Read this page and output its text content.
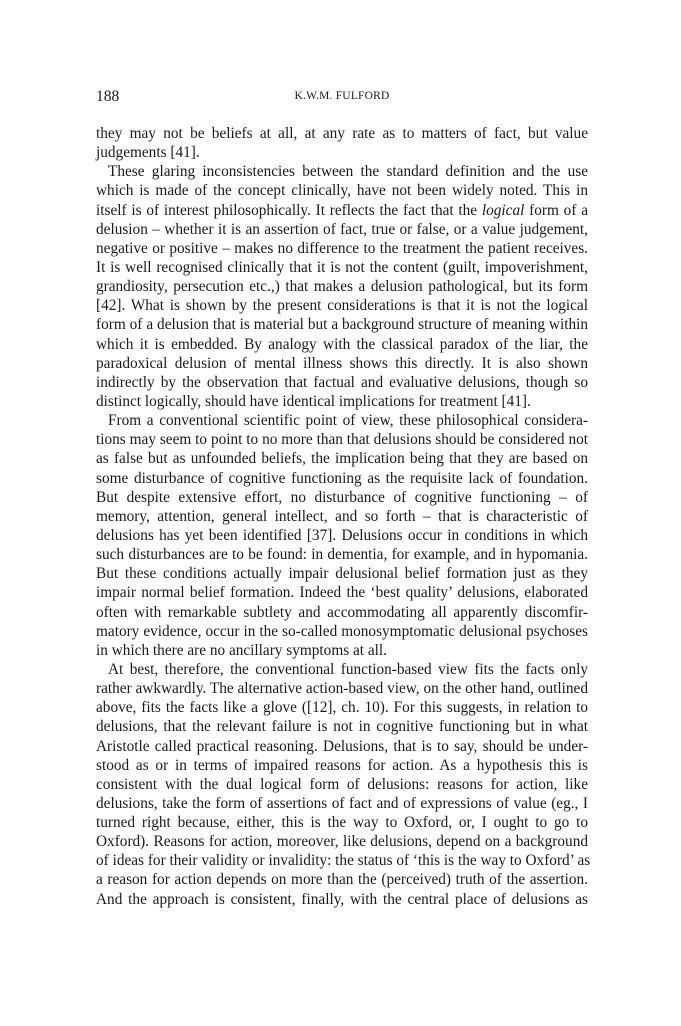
188	K.W.M. FULFORD
they may not be beliefs at all, at any rate as to matters of fact, but value
judgements [41].
These glaring inconsistencies between the standard definition and the use
which is made of the concept clinically, have not been widely noted. This in
itself is of interest philosophically. It reflects the fact that the logical form of a
delusion – whether it is an assertion of fact, true or false, or a value judgement,
negative or positive – makes no difference to the treatment the patient receives.
It is well recognised clinically that it is not the content (guilt, impoverishment,
grandiosity, persecution etc.,) that makes a delusion pathological, but its form
[42]. What is shown by the present considerations is that it is not the logical
form of a delusion that is material but a background structure of meaning within
which it is embedded. By analogy with the classical paradox of the liar, the
paradoxical delusion of mental illness shows this directly. It is also shown
indirectly by the observation that factual and evaluative delusions, though so
distinct logically, should have identical implications for treatment [41].
From a conventional scientific point of view, these philosophical considera-
tions may seem to point to no more than that delusions should be considered not
as false but as unfounded beliefs, the implication being that they are based on
some disturbance of cognitive functioning as the requisite lack of foundation.
But despite extensive effort, no disturbance of cognitive functioning – of
memory, attention, general intellect, and so forth – that is characteristic of
delusions has yet been identified [37]. Delusions occur in conditions in which
such disturbances are to be found: in dementia, for example, and in hypomania.
But these conditions actually impair delusional belief formation just as they
impair normal belief formation. Indeed the ‘best quality’ delusions, elaborated
often with remarkable subtlety and accommodating all apparently discomfir-
matory evidence, occur in the so-called monosymptomatic delusional psychoses
in which there are no ancillary symptoms at all.
At best, therefore, the conventional function-based view fits the facts only
rather awkwardly. The alternative action-based view, on the other hand, outlined
above, fits the facts like a glove ([12], ch. 10). For this suggests, in relation to
delusions, that the relevant failure is not in cognitive functioning but in what
Aristotle called practical reasoning. Delusions, that is to say, should be under-
stood as or in terms of impaired reasons for action. As a hypothesis this is
consistent with the dual logical form of delusions: reasons for action, like
delusions, take the form of assertions of fact and of expressions of value (eg., I
turned right because, either, this is the way to Oxford, or, I ought to go to
Oxford). Reasons for action, moreover, like delusions, depend on a background
of ideas for their validity or invalidity: the status of ‘this is the way to Oxford’ as
a reason for action depends on more than the (perceived) truth of the assertion.
And the approach is consistent, finally, with the central place of delusions as
